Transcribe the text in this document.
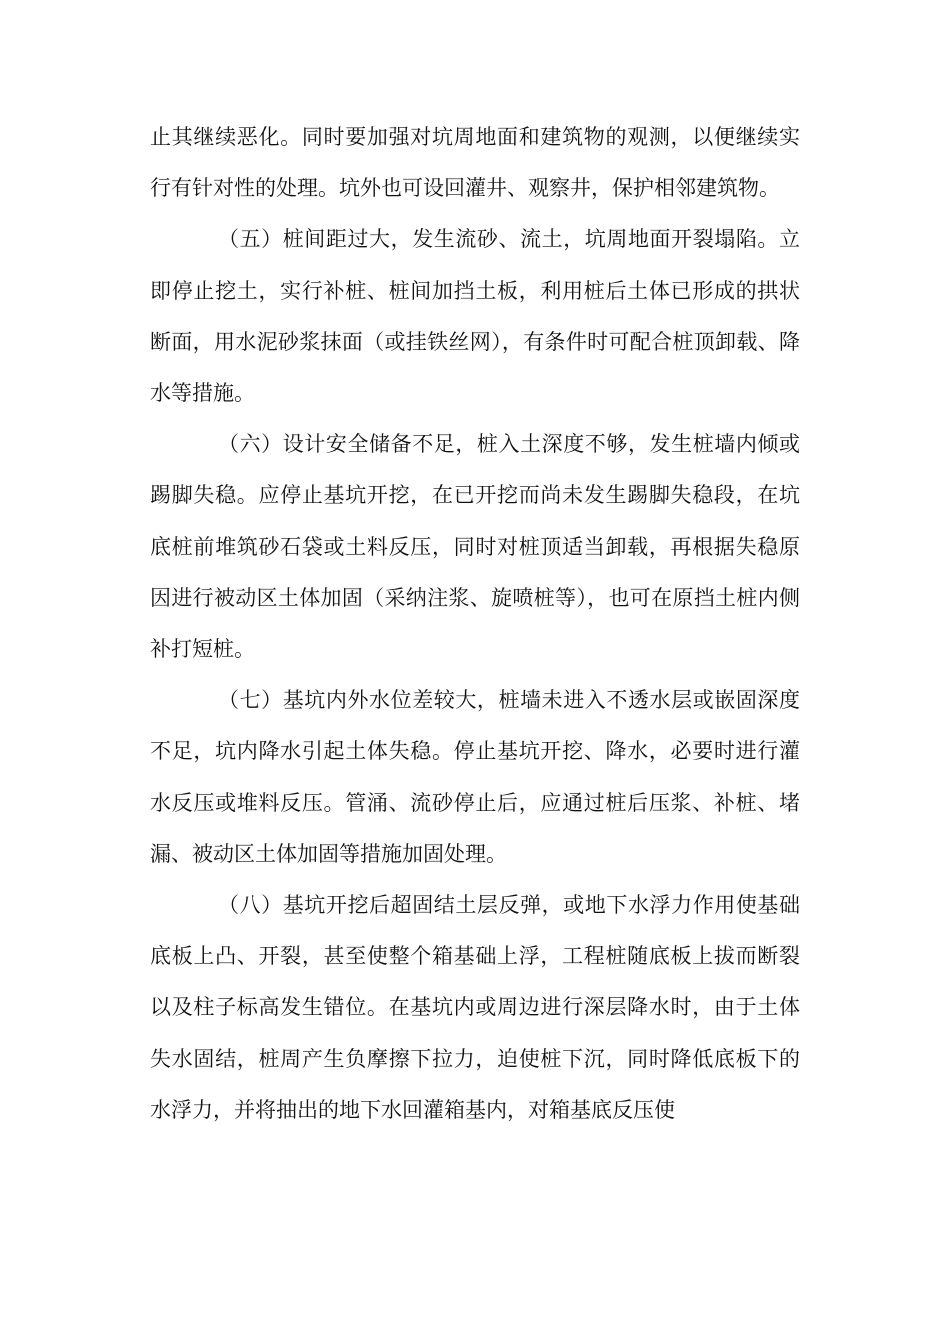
止其继续恶化。同时要加强对坑周地面和建筑物的观测，以便继续实行有针对性的处理。坑外也可设回灌井、观察井，保护相邻建筑物。

（五）桩间距过大，发生流砂、流土，坑周地面开裂塌陷。立即停止挖土，实行补桩、桩间加挡土板，利用桩后土体已形成的拱状断面，用水泥砂浆抹面（或挂铁丝网），有条件时可配合桩顶卸载、降水等措施。

（六）设计安全储备不足，桩入土深度不够，发生桩墙内倾或踢脚失稳。应停止基坑开挖，在已开挖而尚未发生踢脚失稳段，在坑底桩前堆筑砂石袋或土料反压，同时对桩顶适当卸载，再根据失稳原因进行被动区土体加固（采纳注浆、旋喷桩等），也可在原挡土桩内侧补打短桩。

（七）基坑内外水位差较大，桩墙未进入不透水层或嵌固深度不足，坑内降水引起土体失稳。停止基坑开挖、降水，必要时进行灌水反压或堆料反压。管涌、流砂停止后，应通过桩后压浆、补桩、堵漏、被动区土体加固等措施加固处理。

（八）基坑开挖后超固结土层反弹，或地下水浮力作用使基础底板上凸、开裂，甚至使整个箱基础上浮，工程桩随底板上拔而断裂以及柱子标高发生错位。在基坑内或周边进行深层降水时，由于土体失水固结，桩周产生负摩擦下拉力，迫使桩下沉，同时降低底板下的水浮力，并将抽出的地下水回灌箱基内，对箱基底反压使
